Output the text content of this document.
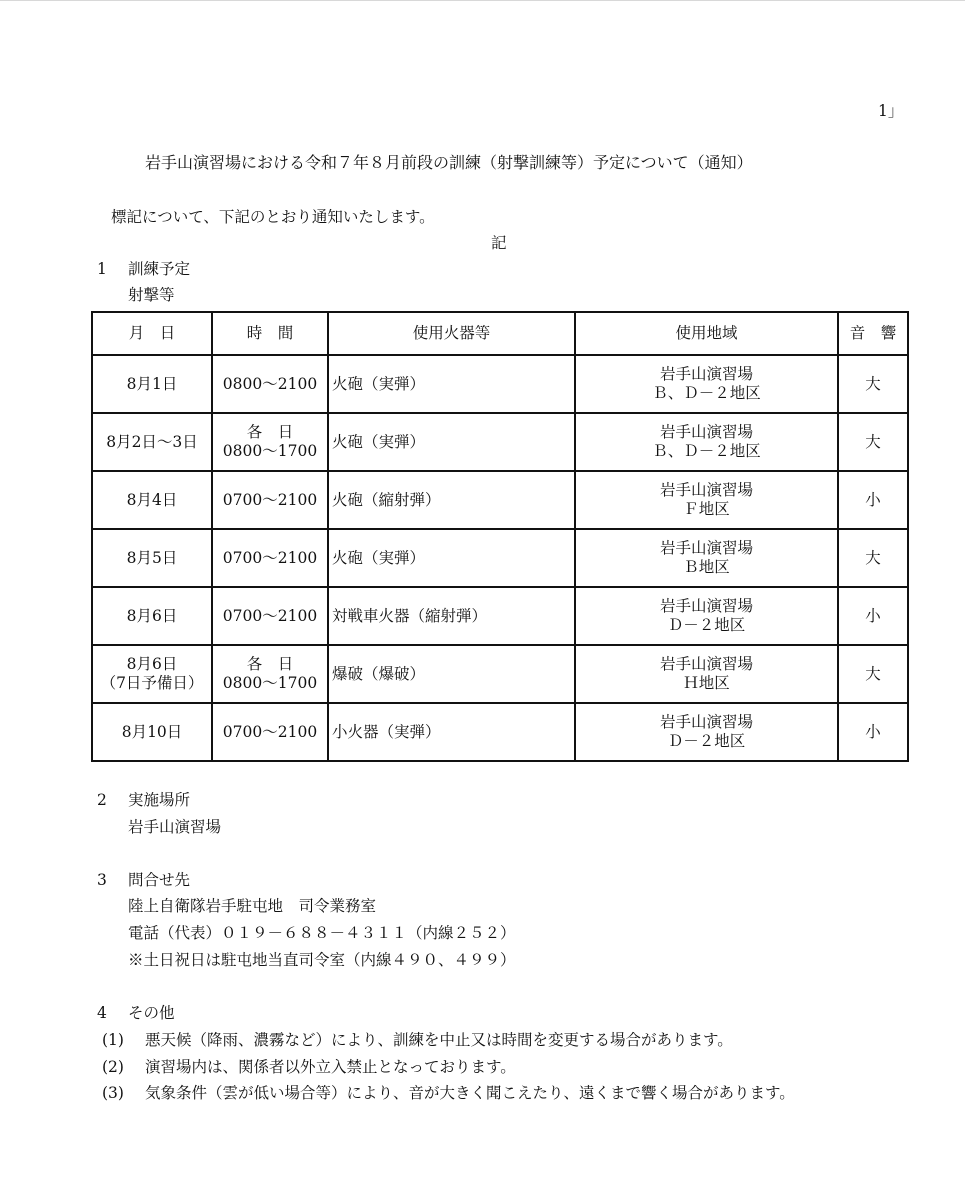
1」
岩手山演習場における令和７年８月前段の訓練（射撃訓練等）予定について（通知）
標記について、下記のとおり通知いたします。
記
1 訓練予定
射撃等
月　日	時　間	使用火器等	使用地域	音　響

8月1日	0800〜2100	火砲（実弾）	岩手山演習場
Ｂ、Ｄ－２地区	大

8月2日〜3日	各　日
0800〜1700	火砲（実弾）	岩手山演習場
Ｂ、Ｄ－２地区	大

8月4日	0700〜2100	火砲（縮射弾）	岩手山演習場
Ｆ地区	小

8月5日	0700〜2100	火砲（実弾）	岩手山演習場
Ｂ地区	大

8月6日	0700〜2100	対戦車火器（縮射弾）	岩手山演習場
Ｄ－２地区	小

8月6日
（7日予備日）	各　日
0800〜1700	爆破（爆破）	岩手山演習場
Ｈ地区	大

8月10日	0700〜2100	小火器（実弾）	岩手山演習場
Ｄ－２地区	小
2 実施場所
岩手山演習場
3 問合せ先
陸上自衛隊岩手駐屯地　司令業務室
電話（代表）０１９－６８８－４３１１（内線２５２）
※土日祝日は駐屯地当直司令室（内線４９０、４９９）
4 その他
(1) 悪天候（降雨、濃霧など）により、訓練を中止又は時間を変更する場合があります。
(2) 演習場内は、関係者以外立入禁止となっております。
(3) 気象条件（雲が低い場合等）により、音が大きく聞こえたり、遠くまで響く場合があります。
